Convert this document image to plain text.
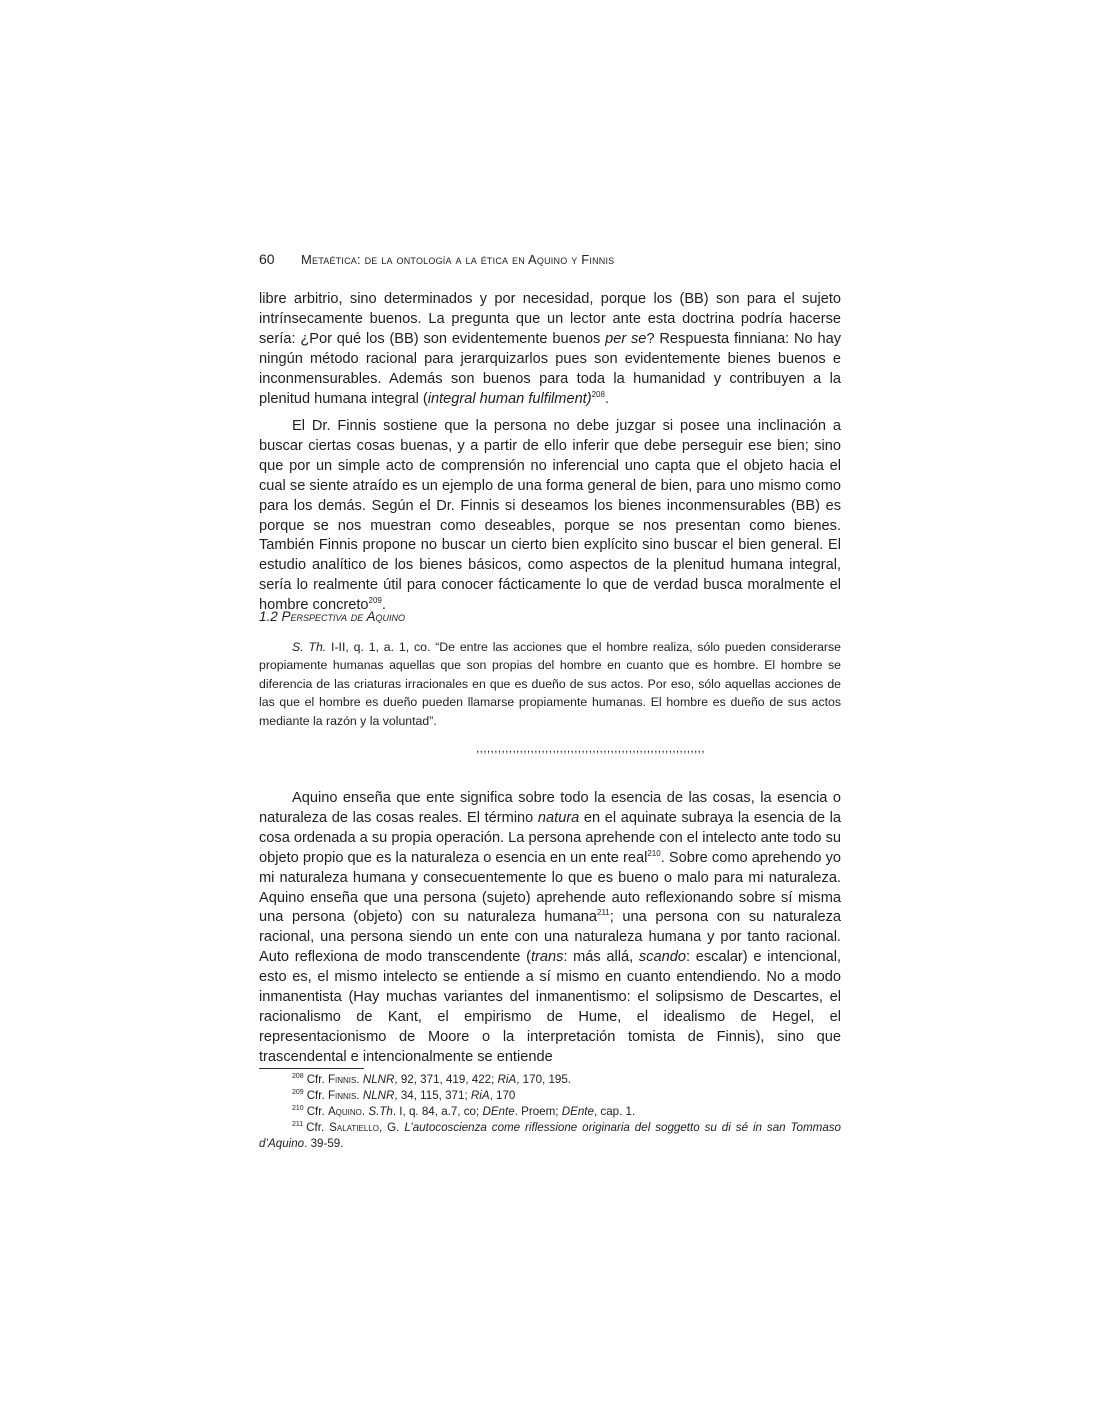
60 Metaética: de la ontología a la ética en Aquino y Finnis

libre arbitrio, sino determinados y por necesidad, porque los (BB) son para el sujeto intrínsecamente buenos. La pregunta que un lector ante esta doctrina podría hacerse sería: ¿Por qué los (BB) son evidentemente buenos per se? Respuesta finniana: No hay ningún método racional para jerarquizarlos pues son evidentemente bienes buenos e inconmensurables. Además son buenos para toda la humanidad y contribuyen a la plenitud humana integral (integral human fulfilment)$^{208}$.

El Dr. Finnis sostiene que la persona no debe juzgar si posee una inclinación a buscar ciertas cosas buenas, y a partir de ello inferir que debe perseguir ese bien; sino que por un simple acto de comprensión no inferencial uno capta que el objeto hacia el cual se siente atraído es un ejemplo de una forma general de bien, para uno mismo como para los demás. Según el Dr. Finnis si deseamos los bienes inconmensurables (BB) es porque se nos muestran como deseables, porque se nos presentan como bienes. También Finnis propone no buscar un cierto bien explícito sino buscar el bien general. El estudio analítico de los bienes básicos, como aspectos de la plenitud humana integral, sería lo realmente útil para conocer fácticamente lo que de verdad busca moralmente el hombre concreto$^{209}$.

1.2 Perspectiva de Aquino

S. Th. I-II, q. 1, a. 1, co. “De entre las acciones que el hombre realiza, sólo pueden considerarse propiamente humanas aquellas que son propias del hombre en cuanto que es hombre. El hombre se diferencia de las criaturas irracionales en que es dueño de sus actos. Por eso, sólo aquellas acciones de las que el hombre es dueño pueden llamarse propiamente humanas. El hombre es dueño de sus actos mediante la razón y la voluntad”.

,,,,,,,,,,,,,,,,,,,,,,,,,,,,,,,,,,,,,,,,,,,,,,,,,,,,,,,,,,,,,,,

Aquino enseña que ente significa sobre todo la esencia de las cosas, la esencia o naturaleza de las cosas reales. El término natura en el aquinate subraya la esencia de la cosa ordenada a su propia operación. La persona aprehende con el intelecto ante todo su objeto propio que es la naturaleza o esencia en un ente real$^{210}$. Sobre como aprehendo yo mi naturaleza humana y consecuentemente lo que es bueno o malo para mi naturaleza. Aquino enseña que una persona (sujeto) aprehende auto reflexionando sobre sí misma una persona (objeto) con su naturaleza humana$^{211}$; una persona con su naturaleza racional, una persona siendo un ente con una naturaleza humana y por tanto racional. Auto reflexiona de modo transcendente (trans: más allá, scando: escalar) e intencional, esto es, el mismo intelecto se entiende a sí mismo en cuanto entendiendo. No a modo inmanentista (Hay muchas variantes del inmanentismo: el solipsismo de Descartes, el racionalismo de Kant, el empirismo de Hume, el idealismo de Hegel, el representacionismo de Moore o la interpretación tomista de Finnis), sino que trascendental e intencionalmente se entiende

$^{208}$ Cfr. Finnis. NLNR, 92, 371, 419, 422; RiA, 170, 195.

$^{209}$ Cfr. Finnis. NLNR, 34, 115, 371; RiA, 170

$^{210}$ Cfr. Aquino. S.Th. I, q. 84, a.7, co; DEnte. Proem; DEnte, cap. 1.

$^{211}$ Cfr. Salatiello, G. L’autocoscienza come riflessione originaria del soggetto su di sé in san Tommaso d’Aquino. 39-59.
